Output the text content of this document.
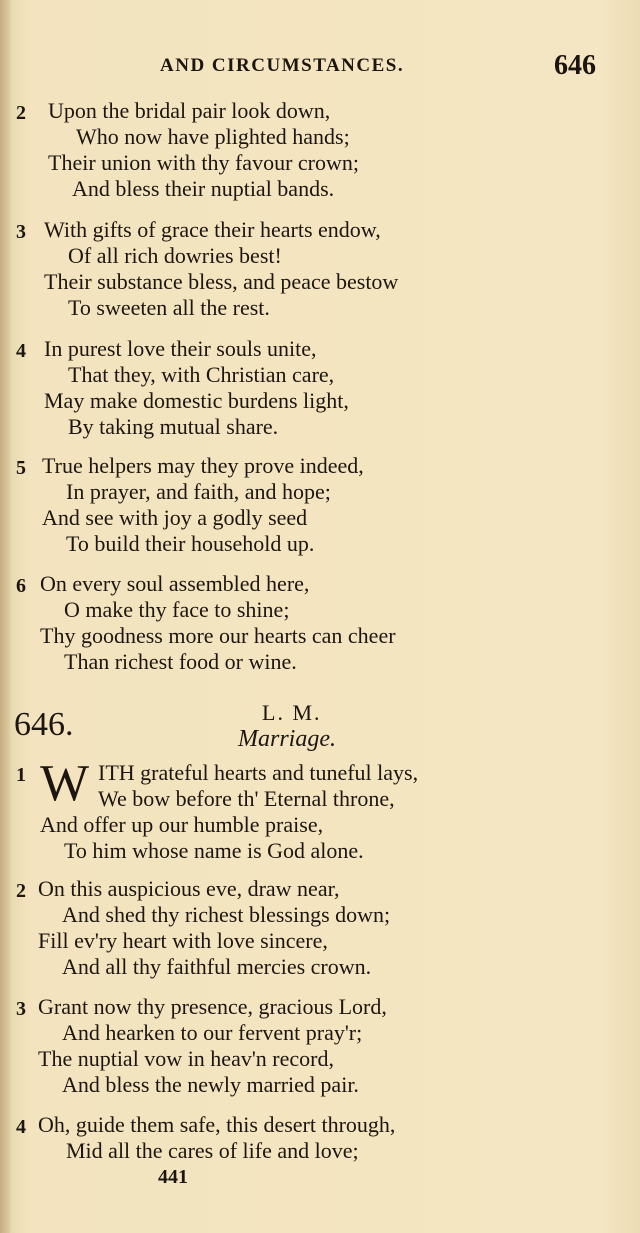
AND CIRCUMSTANCES.	646
2 Upon the bridal pair look down,
Who now have plighted hands;
Their union with thy favour crown;
And bless their nuptial bands.
3 With gifts of grace their hearts endow,
Of all rich dowries best!
Their substance bless, and peace bestow
To sweeten all the rest.
4 In purest love their souls unite,
That they, with Christian care,
May make domestic burdens light,
By taking mutual share.
5 True helpers may they prove indeed,
In prayer, and faith, and hope;
And see with joy a godly seed
To build their household up.
6 On every soul assembled here,
O make thy face to shine;
Thy goodness more our hearts can cheer
Than richest food or wine.
646.	L. M.
Marriage.
1 W ITH grateful hearts and tuneful lays,
We bow before th' Eternal throne,
And offer up our humble praise,
To him whose name is God alone.
2 On this auspicious eve, draw near,
And shed thy richest blessings down;
Fill ev'ry heart with love sincere,
And all thy faithful mercies crown.
3 Grant now thy presence, gracious Lord,
And hearken to our fervent pray'r;
The nuptial vow in heav'n record,
And bless the newly married pair.
4 Oh, guide them safe, this desert through,
Mid all the cares of life and love;
441
